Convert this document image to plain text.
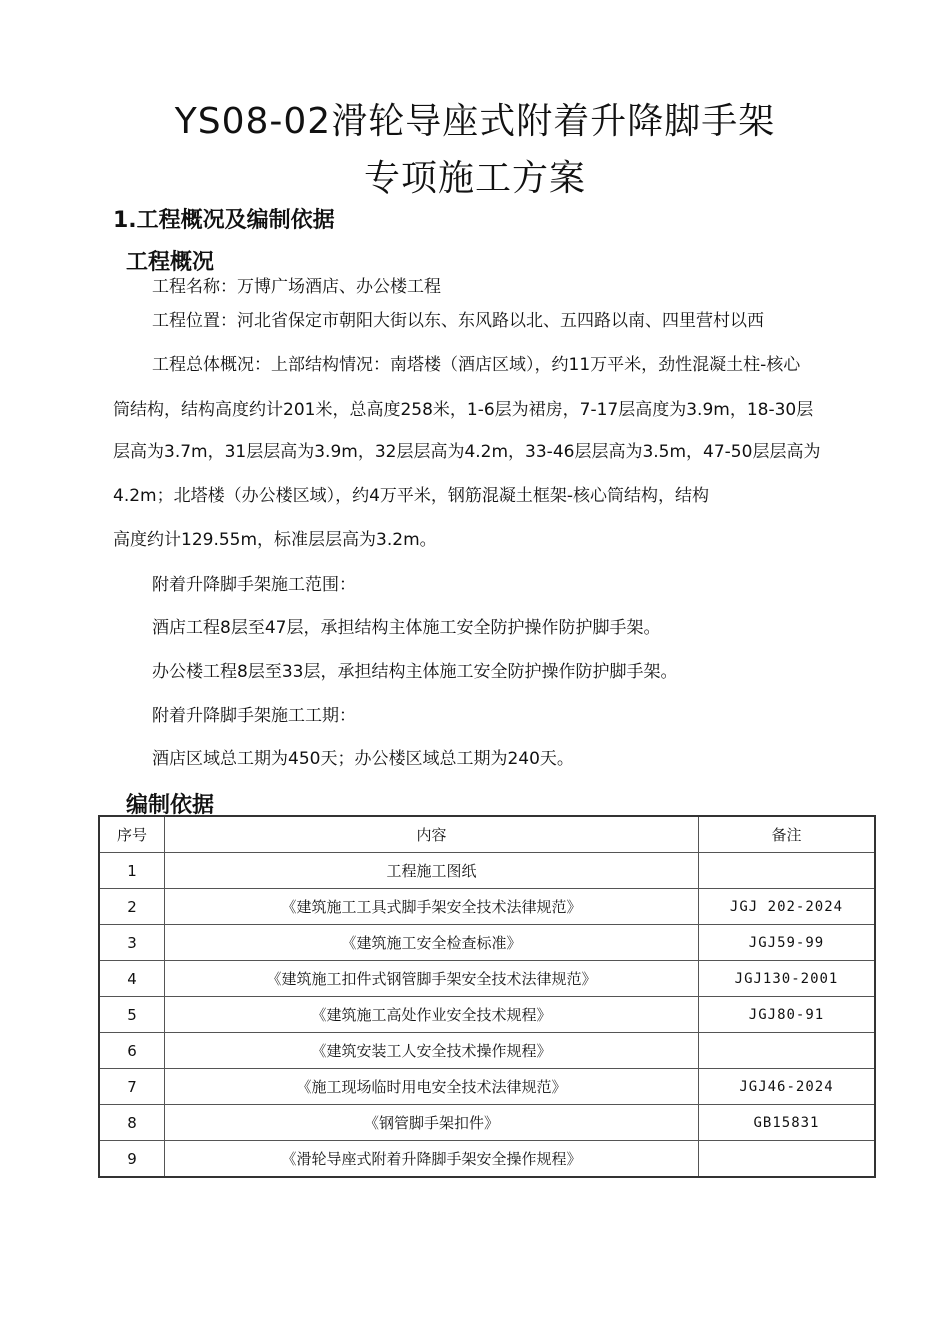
YS08-02滑轮导座式附着升降脚手架
专项施工方案
1.工程概况及编制依据
工程概况
工程名称：万博广场酒店、办公楼工程
工程位置：河北省保定市朝阳大街以东、东风路以北、五四路以南、四里营村以西
工程总体概况：上部结构情况：南塔楼（酒店区域），约11万平米，劲性混凝土柱-核心
筒结构，结构高度约计201米，总高度258米，1-6层为裙房，7-17层高度为3.9m，18-30层
层高为3.7m，31层层高为3.9m，32层层高为4.2m，33-46层层高为3.5m，47-50层层高为
4.2m；北塔楼（办公楼区域），约4万平米，钢筋混凝土框架-核心筒结构，结构
高度约计129.55m，标准层层高为3.2m。
附着升降脚手架施工范围：
酒店工程8层至47层，承担结构主体施工安全防护操作防护脚手架。
办公楼工程8层至33层，承担结构主体施工安全防护操作防护脚手架。
附着升降脚手架施工工期：
酒店区域总工期为450天；办公楼区域总工期为240天。
编制依据
序号	内容	备注
1	工程施工图纸	
2	《建筑施工工具式脚手架安全技术法律规范》	JGJ 202-2024
3	《建筑施工安全检查标准》	JGJ59-99
4	《建筑施工扣件式钢管脚手架安全技术法律规范》	JGJ130-2001
5	《建筑施工高处作业安全技术规程》	JGJ80-91
6	《建筑安装工人安全技术操作规程》	
7	《施工现场临时用电安全技术法律规范》	JGJ46-2024
8	《钢管脚手架扣件》	GB15831
9	《滑轮导座式附着升降脚手架安全操作规程》	
